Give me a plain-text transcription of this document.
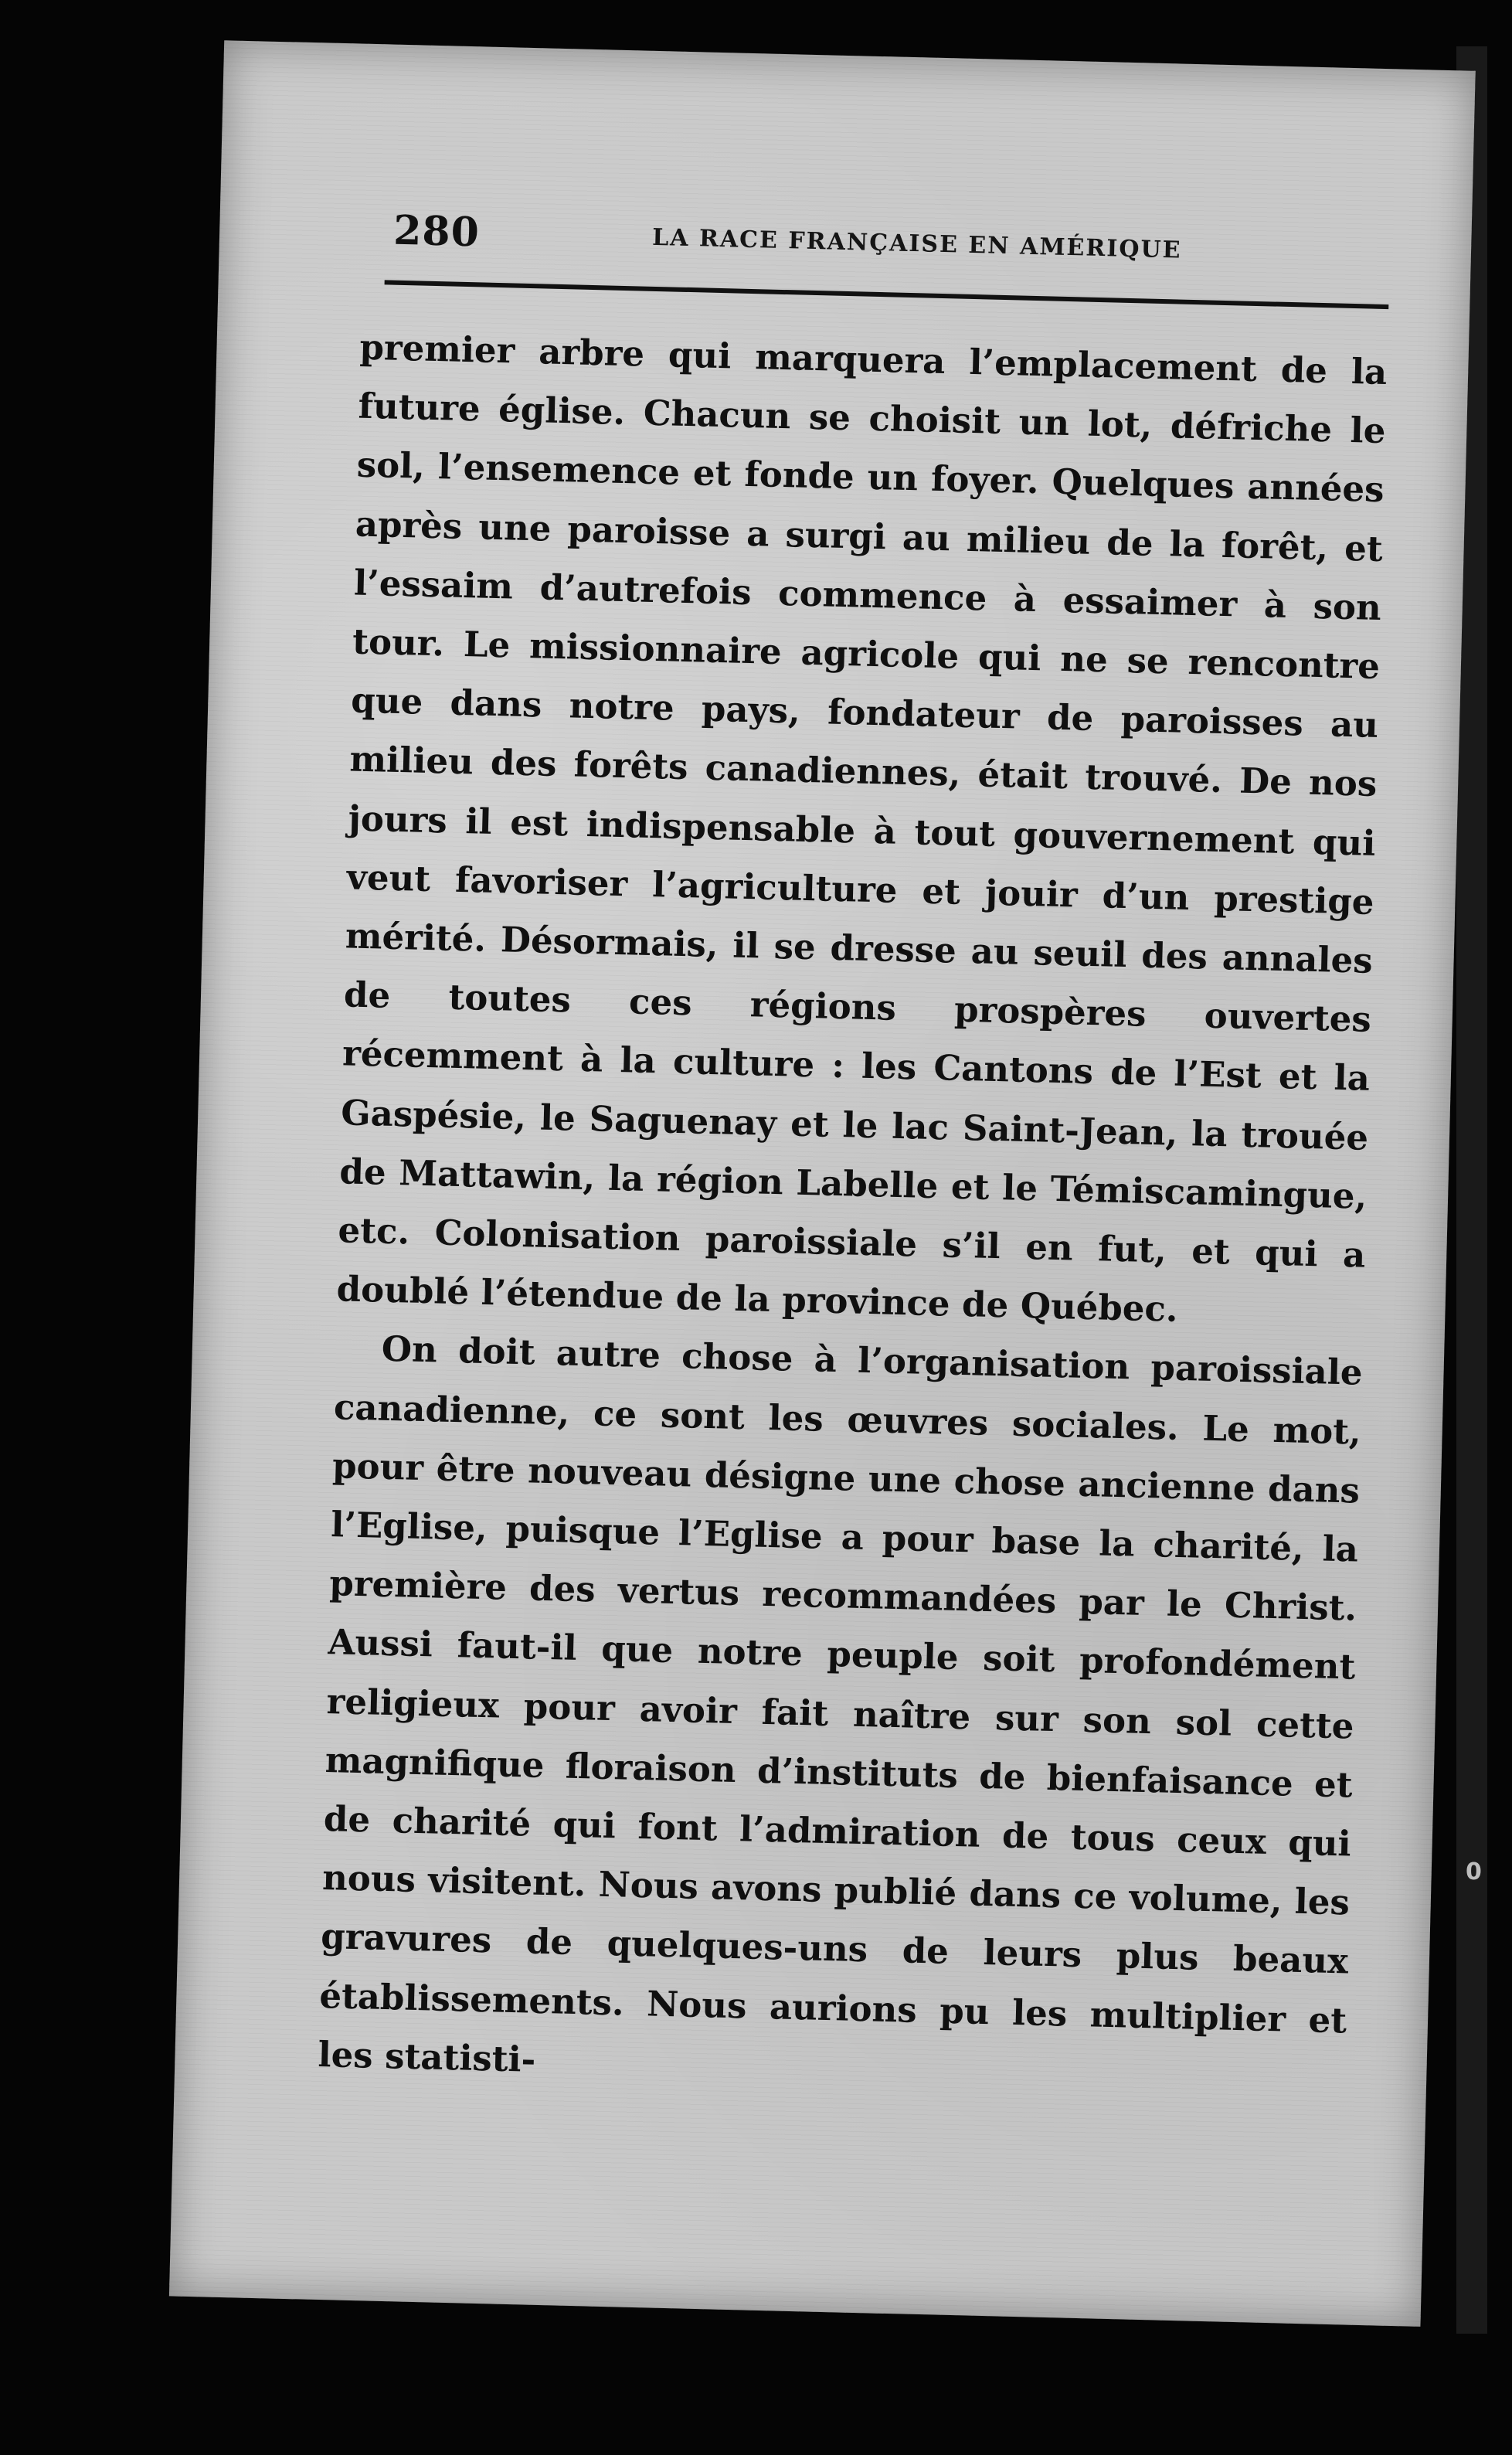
0
280	LA RACE FRANÇAISE EN AMÉRIQUE

premier arbre qui marquera l’emplacement de la future église. Chacun se choisit un lot, défriche le sol, l’ensemence et fonde un foyer. Quelques années après une paroisse a surgi au milieu de la forêt, et l’essaim d’autrefois commence à essaimer à son tour. Le missionnaire agricole qui ne se rencontre que dans notre pays, fondateur de paroisses au milieu des forêts canadiennes, était trouvé. De nos jours il est indispensable à tout gouvernement qui veut favoriser l’agriculture et jouir d’un prestige mérité. Désormais, il se dresse au seuil des annales de toutes ces régions prospères ouvertes récemment à la culture : les Cantons de l’Est et la Gaspésie, le Saguenay et le lac Saint-Jean, la trouée de Mattawin, la région Labelle et le Témiscamingue, etc. Colonisation paroissiale s’il en fut, et qui a doublé l’étendue de la province de Québec.

On doit autre chose à l’organisation paroissiale canadienne, ce sont les œuvres sociales. Le mot, pour être nouveau désigne une chose ancienne dans l’Eglise, puisque l’Eglise a pour base la charité, la première des vertus recommandées par le Christ. Aussi faut-il que notre peuple soit profondément religieux pour avoir fait naître sur son sol cette magnifique floraison d’instituts de bienfaisance et de charité qui font l’admiration de tous ceux qui nous visitent. Nous avons publié dans ce volume, les gravures de quelques-uns de leurs plus beaux établissements. Nous aurions pu les multiplier et les statisti-
